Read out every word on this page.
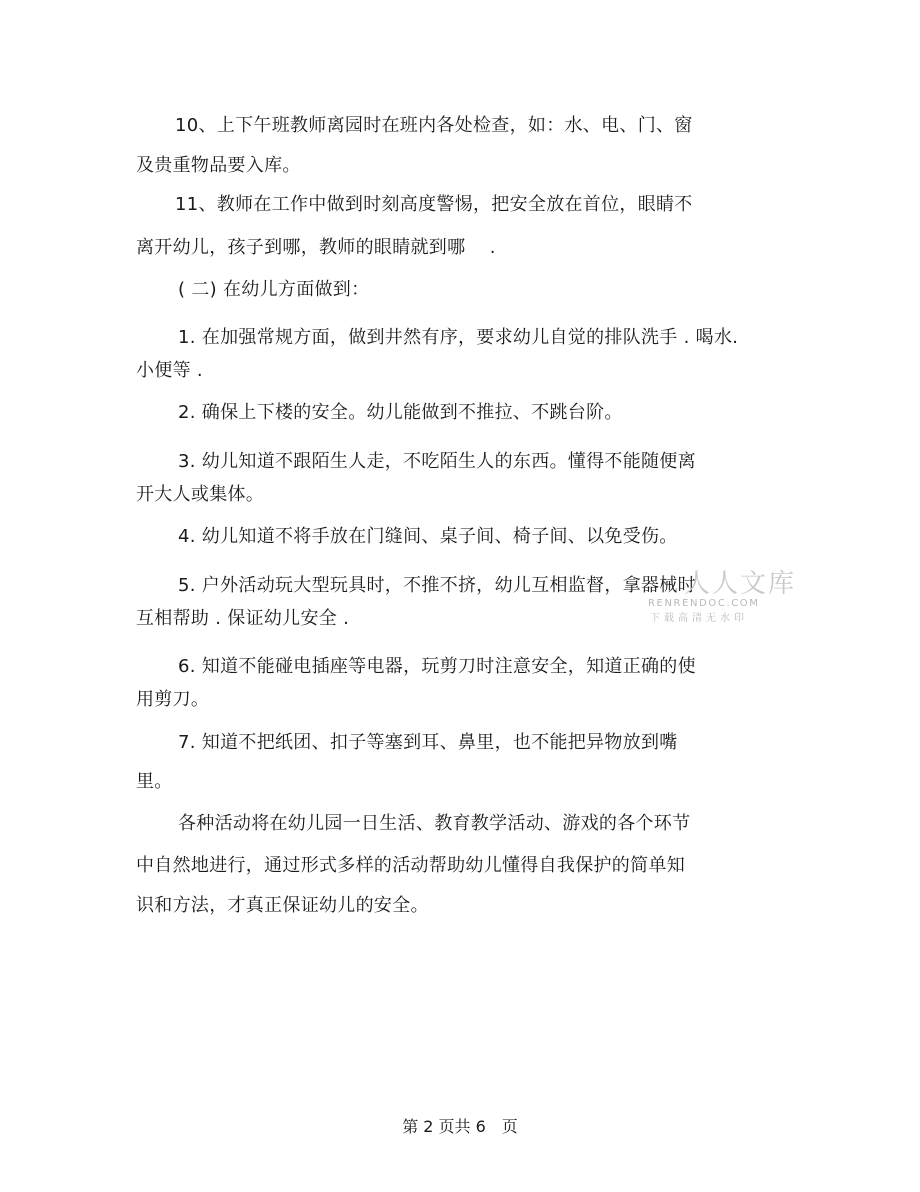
10、上下午班教师离园时在班内各处检查，如：水、电、门、窗
及贵重物品要入库。
11、教师在工作中做到时刻高度警惕，把安全放在首位，眼睛不
离开幼儿，孩子到哪，教师的眼睛就到哪　 .
( 二) 在幼儿方面做到：
1. 在加强常规方面，做到井然有序，要求幼儿自觉的排队洗手 . 喝水.
小便等 .
2. 确保上下楼的安全。幼儿能做到不推拉、不跳台阶。
3. 幼儿知道不跟陌生人走，不吃陌生人的东西。懂得不能随便离
开大人或集体。
4. 幼儿知道不将手放在门缝间、桌子间、椅子间、以免受伤。
5. 户外活动玩大型玩具时，不推不挤，幼儿互相监督，拿器械时
互相帮助 . 保证幼儿安全 .
6. 知道不能碰电插座等电器，玩剪刀时注意安全，知道正确的使
用剪刀。
7. 知道不把纸团、扣子等塞到耳、鼻里，也不能把异物放到嘴
里。
各种活动将在幼儿园一日生活、教育教学活动、游戏的各个环节
中自然地进行，通过形式多样的活动帮助幼儿懂得自我保护的简单知
识和方法，才真正保证幼儿的安全。
人人文库
RENRENDOC.COM
下载高清无水印
第 2 页共 6　页
